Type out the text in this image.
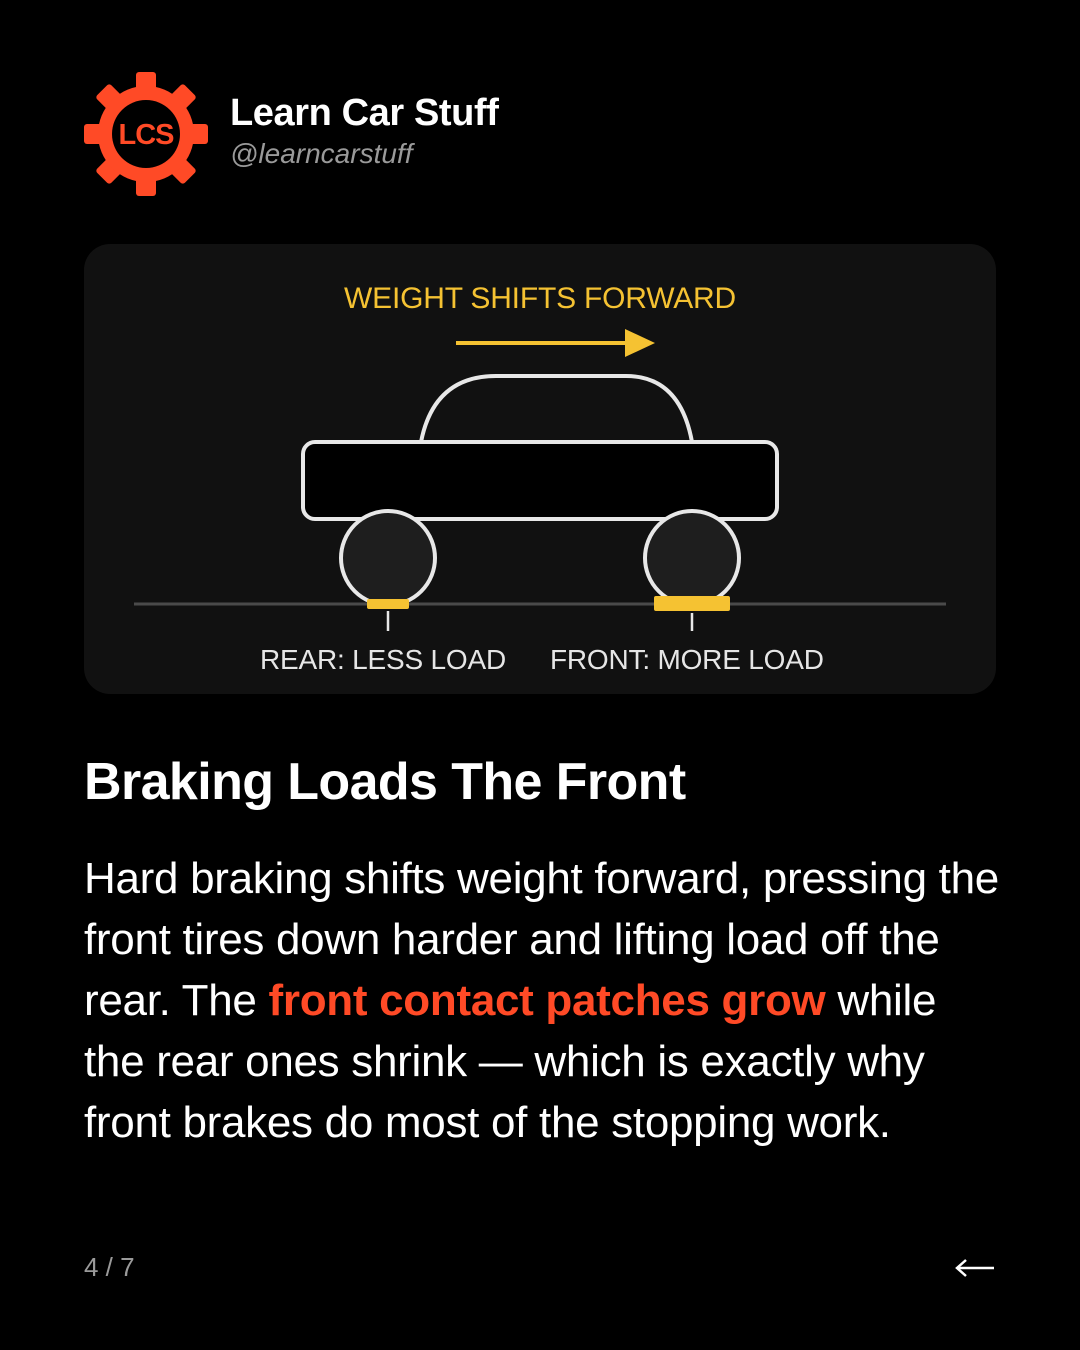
LCS
Learn Car Stuff
@learncarstuff
WEIGHT SHIFTS FORWARD
REAR: LESS LOAD FRONT: MORE LOAD
Braking Loads The Front

Hard braking shifts weight forward, pressing the front tires down harder and lifting load off the rear. The front contact patches grow while the rear ones shrink — which is exactly why front brakes do most of the stopping work.

4 / 7
